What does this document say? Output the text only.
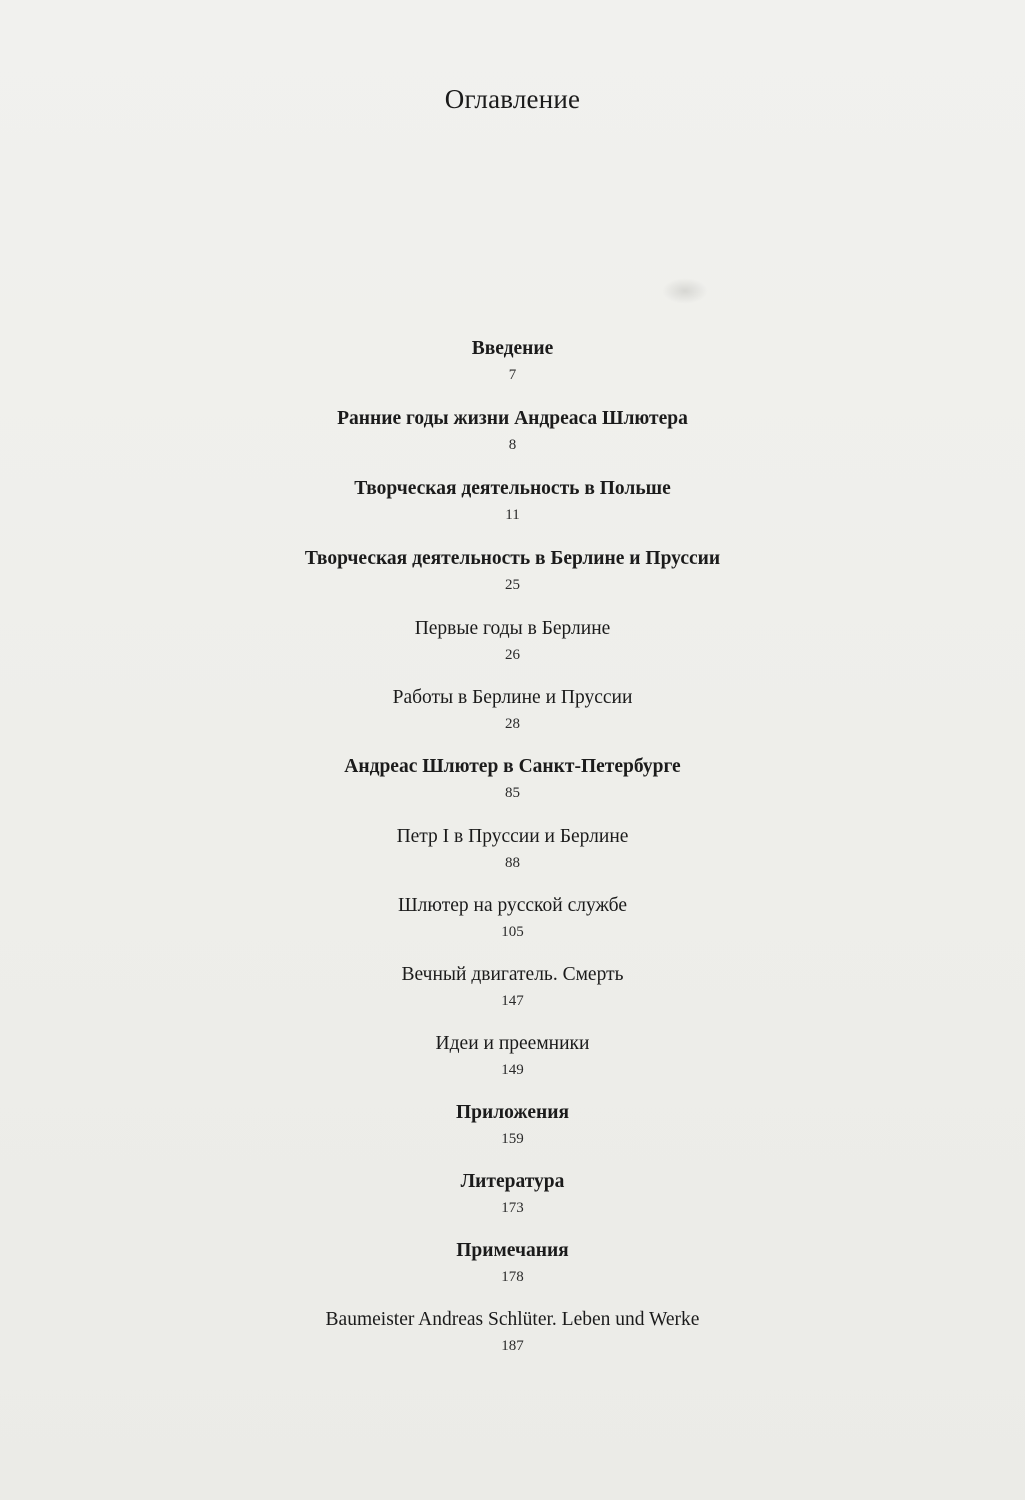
Оглавление
Введение
7
Ранние годы жизни Андреаса Шлютера
8
Творческая деятельность в Польше
11
Творческая деятельность в Берлине и Пруссии
25
Первые годы в Берлине
26
Работы в Берлине и Пруссии
28
Андреас Шлютер в Санкт-Петербурге
85
Петр I в Пруссии и Берлине
88
Шлютер на русской службе
105
Вечный двигатель. Смерть
147
Идеи и преемники
149
Приложения
159
Литература
173
Примечания
178
Baumeister Andreas Schlüter. Leben und Werke
187
